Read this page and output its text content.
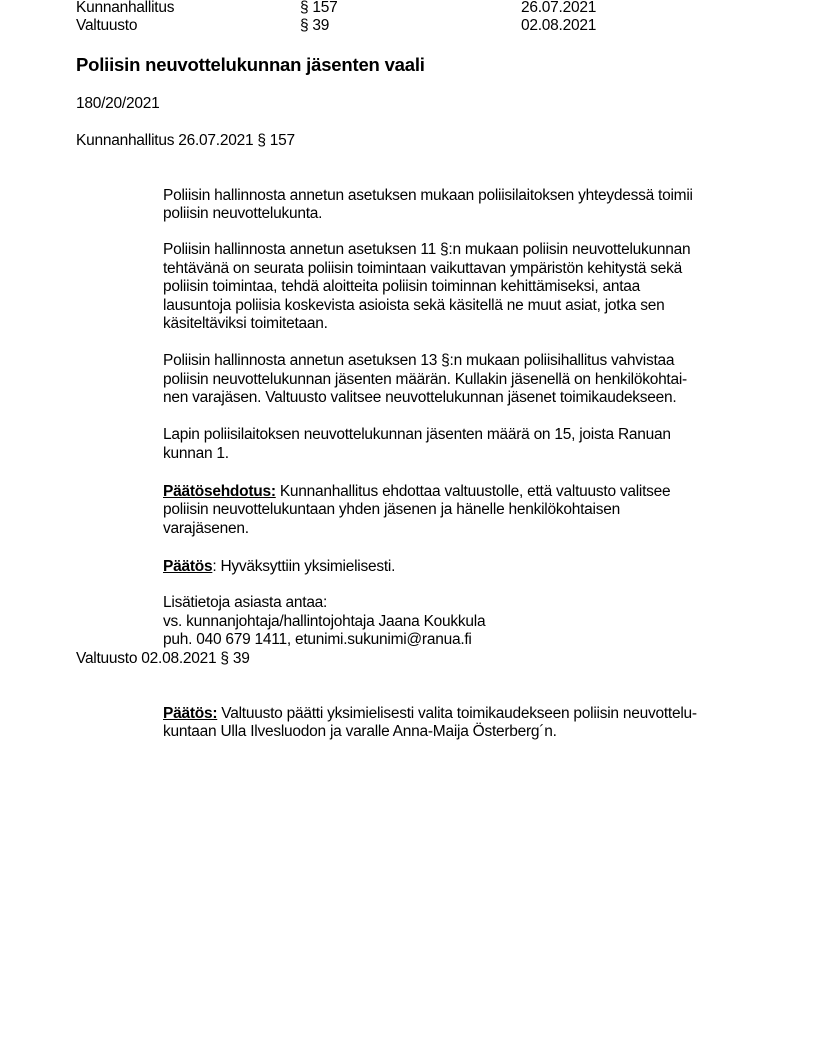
Kunnanhallitus	§ 157	26.07.2021
Valtuusto	§ 39	02.08.2021
Poliisin neuvottelukunnan jäsenten vaali
180/20/2021
Kunnanhallitus 26.07.2021 § 157
Poliisin hallinnosta annetun asetuksen mukaan poliisilaitoksen yhteydessä toimii
poliisin neuvottelukunta.
Poliisin hallinnosta annetun asetuksen 11 §:n mukaan poliisin neuvottelukunnan
tehtävänä on seurata poliisin toimintaan vaikuttavan ympäristön kehitystä sekä
poliisin toimintaa, tehdä aloitteita poliisin toiminnan kehittämiseksi, antaa
lausuntoja poliisia koskevista asioista sekä käsitellä ne muut asiat, jotka sen
käsiteltäviksi toimitetaan.
Poliisin hallinnosta annetun asetuksen 13 §:n mukaan poliisihallitus vahvistaa
poliisin neuvottelukunnan jäsenten määrän. Kullakin jäsenellä on henkilökohtai-
nen varajäsen. Valtuusto valitsee neuvottelukunnan jäsenet toimikaudekseen.
Lapin poliisilaitoksen neuvottelukunnan jäsenten määrä on 15, joista Ranuan
kunnan 1.
Päätösehdotus: Kunnanhallitus ehdottaa valtuustolle, että valtuusto valitsee
poliisin neuvottelukuntaan yhden jäsenen ja hänelle henkilökohtaisen
varajäsenen.
Päätös: Hyväksyttiin yksimielisesti.
Lisätietoja asiasta antaa:
vs. kunnanjohtaja/hallintojohtaja Jaana Koukkula
puh. 040 679 1411, etunimi.sukunimi@ranua.fi
Valtuusto 02.08.2021 § 39
Päätös: Valtuusto päätti yksimielisesti valita toimikaudekseen poliisin neuvottelu-
kuntaan Ulla Ilvesluodon ja varalle Anna-Maija Österberg´n.
